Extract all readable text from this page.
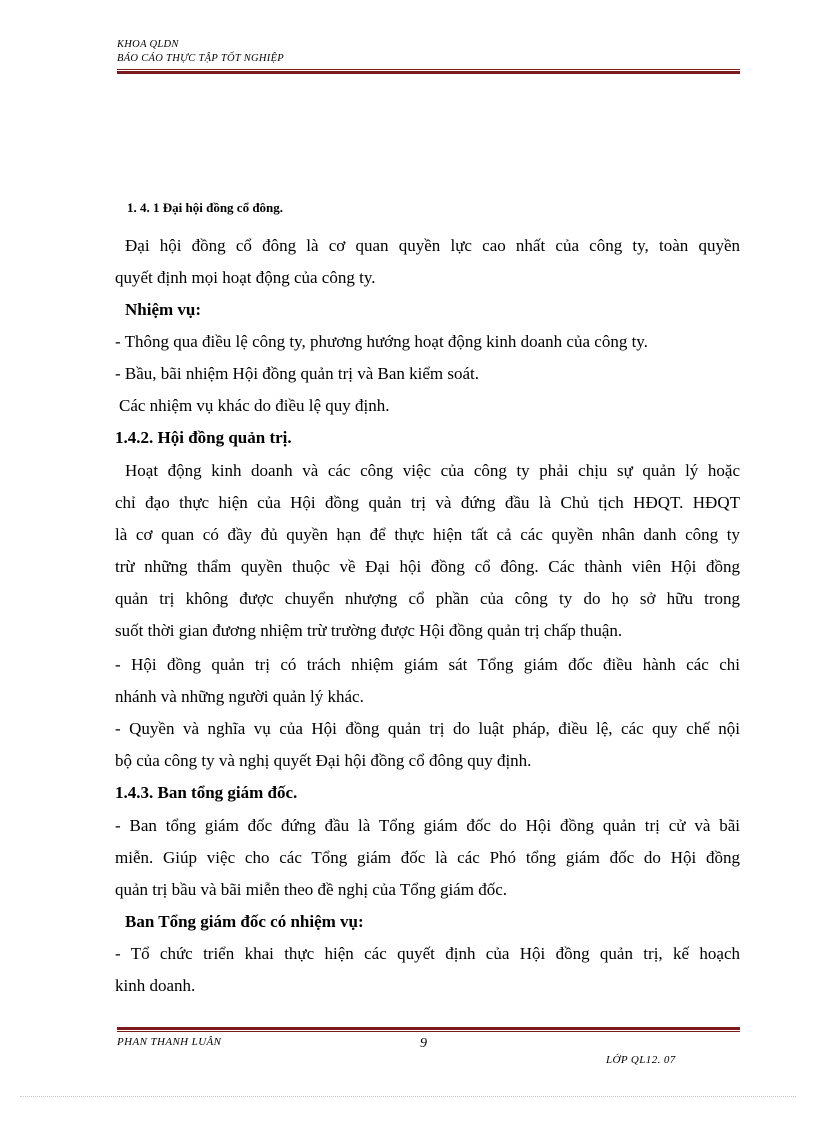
KHOA QLDN
BÁO CÁO THỰC TẬP TỐT NGHIỆP
1. 4. 1 Đại hội đồng cổ đông.
Đại hội đồng cổ đông là cơ quan quyền lực cao nhất của công ty, toàn quyền
quyết định mọi hoạt động của công ty.
Nhiệm vụ:
- Thông qua điều lệ công ty, phương hướng hoạt động kinh doanh của công ty.
- Bầu, bãi nhiệm Hội đồng quản trị và Ban kiểm soát.
Các nhiệm vụ khác do điều lệ quy định.
1.4.2. Hội đồng quản trị.
Hoạt động kinh doanh và các công việc của công ty phải chịu sự quản lý hoặc
chỉ đạo thực hiện của Hội đồng quản trị và đứng đầu là Chủ tịch HĐQT. HĐQT
là cơ quan có đầy đủ quyền hạn để thực hiện tất cả các quyền nhân danh công ty
trừ những thẩm quyền thuộc về Đại hội đồng cổ đông. Các thành viên Hội đồng
quản trị không được chuyển nhượng cổ phần của công ty do họ sở hữu trong
suốt thời gian đương nhiệm trừ trường được Hội đồng quản trị chấp thuận.
- Hội đồng quản trị có trách nhiệm giám sát Tổng giám đốc điều hành các chi
nhánh và những người quản lý khác.
- Quyền và nghĩa vụ của Hội đồng quản trị do luật pháp, điều lệ, các quy chế nội
bộ của công ty và nghị quyết Đại hội đồng cổ đông quy định.
1.4.3. Ban tổng giám đốc.
- Ban tổng giám đốc đứng đầu là Tổng giám đốc do Hội đồng quản trị cử và bãi
miễn. Giúp việc cho các Tổng giám đốc là các Phó tổng giám đốc do Hội đồng
quản trị bầu và bãi miễn theo đề nghị của Tổng giám đốc.
Ban Tổng giám đốc có nhiệm vụ:
- Tổ chức triển khai thực hiện các quyết định của Hội đồng quản trị, kế hoạch
kinh doanh.
PHAN THANH LUÂN	9
LỚP QL12. 07
